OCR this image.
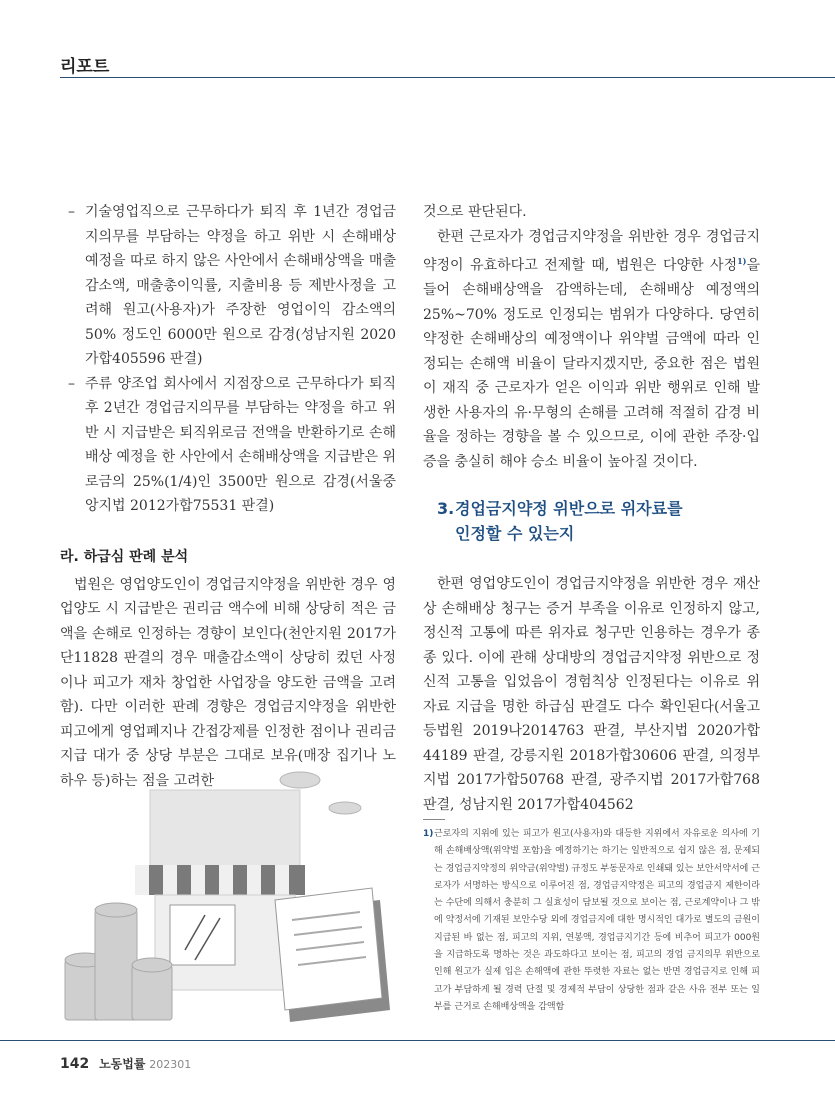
리포트

– 기술영업직으로 근무하다가 퇴직 후 1년간 경업금지의무를 부담하는 약정을 하고 위반 시 손해배상 예정을 따로 하지 않은 사안에서 손해배상액을 매출감소액, 매출총이익률, 지출비용 등 제반사정을 고려해 원고(사용자)가 주장한 영업이익 감소액의 50% 정도인 6000만 원으로 감경(성남지원 2020가합405596 판결)

– 주류 양조업 회사에서 지점장으로 근무하다가 퇴직 후 2년간 경업금지의무를 부담하는 약정을 하고 위반 시 지급받은 퇴직위로금 전액을 반환하기로 손해배상 예정을 한 사안에서 손해배상액을 지급받은 위로금의 25%(1/4)인 3500만 원으로 감경(서울중앙지법 2012가합75531 판결)

라. 하급심 판례 분석

법원은 영업양도인이 경업금지약정을 위반한 경우 영업양도 시 지급받은 권리금 액수에 비해 상당히 적은 금액을 손해로 인정하는 경향이 보인다(천안지원 2017가단11828 판결의 경우 매출감소액이 상당히 컸던 사정이나 피고가 재차 창업한 사업장을 양도한 금액을 고려함). 다만 이러한 판례 경향은 경업금지약정을 위반한 피고에게 영업폐지나 간접강제를 인정한 점이나 권리금 지급 대가 중 상당 부분은 그대로 보유(매장 집기나 노하우 등)하는 점을 고려한

것으로 판단된다.

한편 근로자가 경업금지약정을 위반한 경우 경업금지약정이 유효하다고 전제할 때, 법원은 다양한 사정$^{1)}$을 들어 손해배상액을 감액하는데, 손해배상 예정액의 25%~70% 정도로 인정되는 범위가 다양하다. 당연히 약정한 손해배상의 예정액이나 위약벌 금액에 따라 인정되는 손해액 비율이 달라지겠지만, 중요한 점은 법원이 재직 중 근로자가 얻은 이익과 위반 행위로 인해 발생한 사용자의 유·무형의 손해를 고려해 적절히 감경 비율을 정하는 경향을 볼 수 있으므로, 이에 관한 주장·입증을 충실히 해야 승소 비율이 높아질 것이다.

3.경업금지약정 위반으로 위자료를
인정할 수 있는지

한편 영업양도인이 경업금지약정을 위반한 경우 재산상 손해배상 청구는 증거 부족을 이유로 인정하지 않고, 정신적 고통에 따른 위자료 청구만 인용하는 경우가 종종 있다. 이에 관해 상대방의 경업금지약정 위반으로 정신적 고통을 입었음이 경험칙상 인정된다는 이유로 위자료 지급을 명한 하급심 판결도 다수 확인된다(서울고등법원 2019나2014763 판결, 부산지법 2020가합44189 판결, 강릉지원 2018가합30606 판결, 의정부지법 2017가합50768 판결, 광주지법 2017가합768 판결, 성남지원 2017가합404562

1) 근로자의 지위에 있는 피고가 원고(사용자)와 대등한 지위에서 자유로운 의사에 기해 손해배상액(위약벌 포함)을 예정하기는 하기는 일반적으로 쉽지 않은 점, 문제되는 경업금지약정의 위약금(위약벌) 규정도 부동문자로 인쇄돼 있는 보안서약서에 근로자가 서명하는 방식으로 이루어진 점, 경업금지약정은 피고의 경업금지 제한이라는 수단에 의해서 충분히 그 실효성이 담보될 것으로 보이는 점, 근로계약이나 그 밖에 약정서에 기재된 보안수당 외에 경업금지에 대한 명시적인 대가로 별도의 금원이 지급된 바 없는 점, 피고의 지위, 연봉액, 경업금지기간 등에 비추어 피고가 000원을 지급하도록 명하는 것은 과도하다고 보이는 점, 피고의 경업 금지의무 위반으로 인해 원고가 실제 입은 손해액에 관한 뚜렷한 자료는 없는 반면 경업금지로 인해 피고가 부담하게 될 경력 단절 및 경제적 부담이 상당한 점과 같은 사유 전부 또는 일부를 근거로 손해배상액을 감액함
142 노동법률 202301
